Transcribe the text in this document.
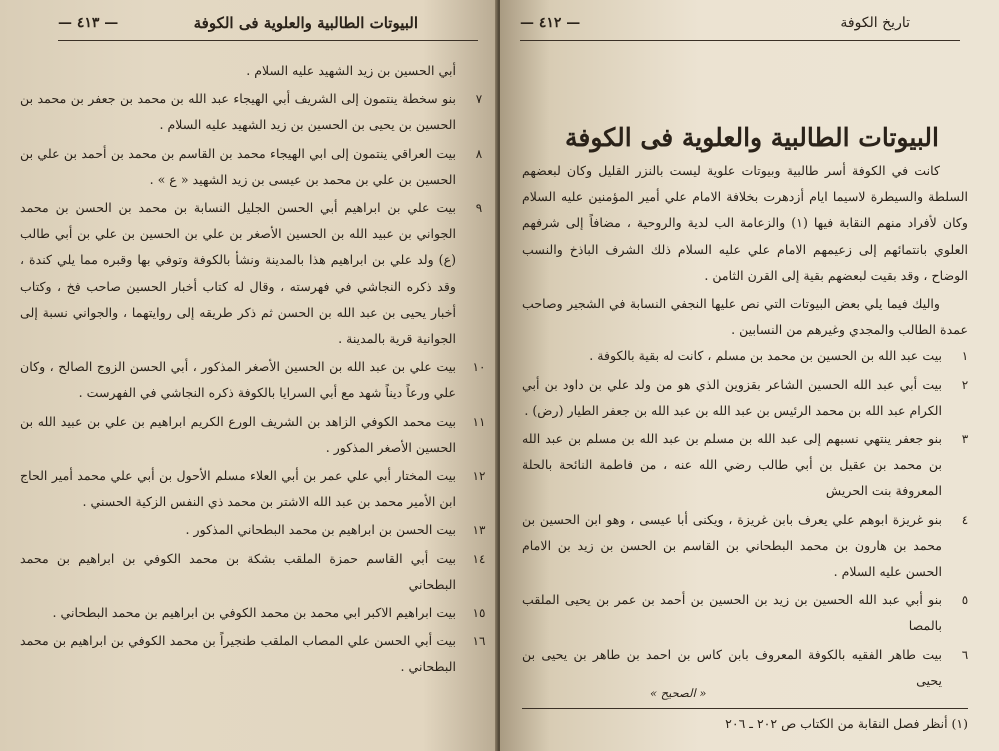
— ٤١٣ —	البيوتات الطالبية والعلوية فى الكوفة

أبي الحسين بن زيد الشهيد عليه السلام .

٧
بنو سخطة ينتمون إلى الشريف أبي الهيجاء عبد الله بن محمد بن جعفر بن محمد بن الحسين بن يحيى بن الحسين بن زيد الشهيد عليه السلام .

٨
بيت العراقي ينتمون إلى ابي الهيجاء محمد بن القاسم بن محمد بن أحمد بن علي بن الحسين بن علي بن محمد بن عيسى بن زيد الشهيد « ع » .

٩
بيت علي بن ابراهيم أبي الحسن الجليل النسابة بن محمد بن الحسن بن محمد الجواني بن عبيد الله بن الحسين الأصغر بن علي بن الحسين بن علي بن أبي طالب (ع) ولد علي بن ابراهيم هذا بالمدينة ونشأ بالكوفة وتوفي بها وقبره مما يلي كندة ، وقد ذكره النجاشي في فهرسته ، وقال له كتاب أخبار الحسين صاحب فخ ، وكتاب أخبار يحيى بن عبد الله بن الحسن ثم ذكر طريقه إلى روايتهما ، والجواني نسبة إلى الجوانية قرية بالمدينة .

١٠
بيت علي بن عبد الله بن الحسين الأصغر المذكور ، أبي الحسن الزوج الصالح ، وكان علي ورعاً ديناً شهد مع أبي السرايا بالكوفة ذكره النجاشي في الفهرست .

١١
بيت محمد الكوفي الزاهد بن الشريف الورع الكريم ابراهيم بن علي بن عبيد الله بن الحسين الأصغر المذكور .

١٢
بيت المختار أبي علي عمر بن أبي العلاء مسلم الأحول بن أبي علي محمد أمير الحاج ابن الأمير محمد بن عبد الله الاشتر بن محمد ذي النفس الزكية الحسني .

١٣
بيت الحسن بن ابراهيم بن محمد البطحاني المذكور .

١٤
بيت أبي القاسم حمزة الملقب بشكة بن محمد الكوفي بن ابراهيم بن محمد البطحاني

١٥
بيت ابراهيم الاكبر ابي محمد بن محمد الكوفي بن ابراهيم بن محمد البطحاني .

١٦
بيت أبي الحسن علي المصاب الملقب طنجيراً بن محمد الكوفي بن ابراهيم بن محمد البطحاني .

— ٤١٢ —	تاريخ الكوفة
البيوتات الطالبية والعلوية فى الكوفة

كانت في الكوفة أسر طالبية وبيوتات علوية ليست بالنزر القليل وكان لبعضهم السلطة والسيطرة لاسيما ايام أزدهرت بخلافة الامام علي أمير المؤمنين عليه السلام وكان لأفراد منهم النقابة فيها (١) والزعامة الب لدية والروحية ، مضافاً إلى شرفهم العلوي بانتمائهم إلى زعيمهم الامام علي عليه السلام ذلك الشرف الباذخ والنسب الوضاح ، وقد بقيت لبعضهم بقية إلى القرن الثامن .

واليك فيما يلي بعض البيوتات التي نص عليها النجفي النسابة في الشجير وصاحب عمدة الطالب والمجدي وغيرهم من النسابين .

١
بيت عبد الله بن الحسين بن محمد بن مسلم ، كانت له بقية بالكوفة .

٢
بيت أبي عبد الله الحسين الشاعر بقزوين الذي هو من ولد علي بن داود بن أبي الكرام عبد الله بن محمد الرئيس بن عبد الله بن عبد الله بن جعفر الطيار (رض) .

٣
بنو جعفر ينتهي نسبهم إلى عبد الله بن مسلم بن عبد الله بن مسلم بن عبد الله بن محمد بن عقيل بن أبي طالب رضي الله عنه ، من فاطمة النائحة بالحلة المعروفة بنت الحريش

٤
بنو غريزة ابوهم علي يعرف بابن غريزة ، ويكنى أبا عيسى ، وهو ابن الحسين بن محمد بن هارون بن محمد البطحاني بن القاسم بن الحسن بن زيد بن الامام الحسن عليه السلام .

٥
بنو أبي عبد الله الحسين بن زيد بن الحسين بن أحمد بن عمر بن يحيى الملقب بالمصا

٦
بيت طاهر الفقيه بالكوفة المعروف بابن كاس بن احمد بن طاهر بن يحيى بن يحيى

« الصحيح »
(١) أنظر فصل النقابة من الكتاب ص ٢٠٢ ـ ٢٠٦
